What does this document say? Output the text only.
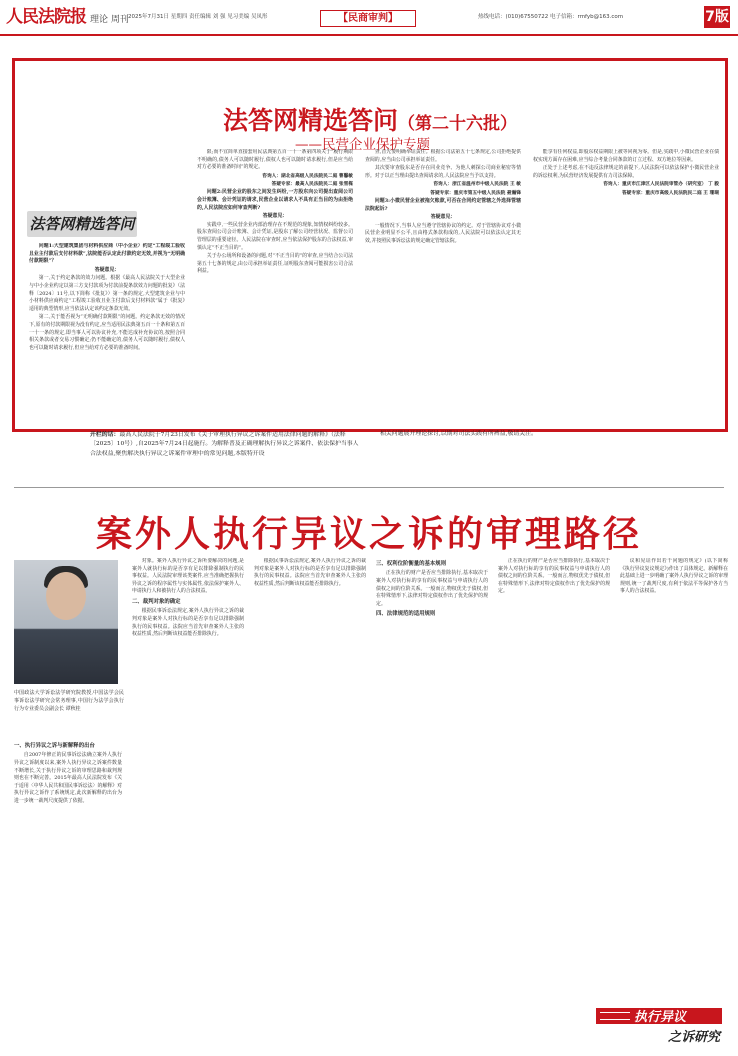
人民法院报 理论 周刊 2025年7月31日 星期四 责任编辑 刘 强 见习美编 吴凤彤	【民商审判】	热线电话：(010)67550722 电子信箱：rmfyb@163.com	7版
法答网精选答问（第二十六批）
——民营企业保护专题
法答网精选答问

问题1:大型建筑集团与材料供应商（中小企业）约定“工程竣工验收且业主付款后支付材料款”,法院能否认定此付款约定无效,并视为“无明确付款期限”？

答疑意见：

第一,关于约定条款的效力问题。根据《最高人民法院关于大型企业与中小企业约定以第三方支付款项为付款前提条款效力问题的批复》（法释〔2024〕11号,以下简称《批复》）第一条的规定,大型建筑企业与中小材料供应商约定“工程竣工验收且业主付款后支付材料款”属于《批复》适用的典型情形,应当依法认定该约定条款无效。

第二,关于能否视为“无明确付款期限”的问题。约定条款无效的情况下,原有的付款期限视为没有约定,应当适用民法典第五百一十条和第五百一十一条的规定,即当事人可以协议补充,不能达成补充协议的,按照合同相关条款或者交易习惯确定;仍不能确定的,债务人可以随时履行,债权人也可以随时请求履行,但应当给对方必要的准备时间。

限;而不宜简单直接套用民法典第五百一十一条第四项关于“履行期限不明确的,债务人可以随时履行,债权人也可以随时请求履行,但是应当给对方必要的准备时间”的规定。

咨询人：湖北省高级人民法院民二庭 曹馨敏

答疑专家：最高人民法院民二庭 张雪楳

问题2:民营企业的股东之间发生纠纷,一方股东向公司提出查阅公司会计账簿、会计凭证的请求,民营企业以请求人不具有正当目的为由拒绝的,人民法院应如何审查判断?

答疑意见：

实践中,一些民营企业内部治理存在不规范的现象,知情权纠纷较多。股东查阅公司会计账簿、会计凭证,是股东了解公司经营状况、监督公司管理层的重要途径。人民法院在审查时,应当依法保护股东的合法权益,审慎认定“不正当目的”。

关于办公场所和设备的问题,对“不正当目的”的审查,应当结合公司法第五十七条的规定,由公司承担举证责任,证明股东查阅可能损害公司合法利益。

查,首先要明确举证责任。根据公司法第五十七条规定,公司拒绝提供查阅的,应当由公司承担举证责任。

其次要审查股东是否存在同业竞争、为他人刺探公司商业秘密等情形。对于以正当理由提出查阅请求的,人民法院应当予以支持。

咨询人：浙江省温州市中级人民法院 王 敏

答疑专家：重庆市第五中级人民法院 聂瀚锋

问题3:小微民营企业被拖欠账款,可否在合同约定管辖之外选择管辖法院起诉?

答疑意见：

一般情况下,当事人应当遵守管辖协议的约定。对于管辖协议对小微民营企业明显不公平,且由格式条款构成的,人民法院可以依法认定其无效,并按照民事诉讼法的规定确定管辖法院。

能享有任何权益,即股东权益期限上被等同视为零。但是,实践中,小微民营企业在债权实现方面存在困难,应当综合考量合同条款的订立过程、双方地位等因素。

正处于上述考虑,在不违反法律规定的前提下,人民法院可以依法保护小微民营企业的诉讼权利,为民营经济发展提供有力司法保障。

咨询人：重庆市江津区人民法院审管办（研究室） 丁 毅

答疑专家：重庆市高级人民法院民二庭 王 珊瑚

开栏的话：最高人民法院于7月23日发布《关于审理执行异议之诉案件适用法律问题的解释》（法释〔2025〕10号）,自2025年7月24日起施行。为解释普及正确理解执行异议之诉案件、依法保护当事人合法权益,聚焦解决执行异议之诉案件审理中的常见问题,本版特开设
相关问题展开理论探讨,以期对司法实践有所裨益,敬请关注。
案外人执行异议之诉的审理路径
中国政法大学诉讼法学研究院教授,中国法学会民事诉讼法学研究会常务理事,中国行为法学会执行行为专业委员会副会长 谭秋桂

一、执行异议之诉与新解释的出台

自2007年修正的民事诉讼法确立案外人执行异议之诉制度以来,案外人执行异议之诉案件数量不断增长,关于执行异议之诉的审理思路和裁判规则也在不断完善。2015年最高人民法院发布《关于适用〈中华人民共和国民事诉讼法〉的解释》对执行异议之诉作了系统规定,此次新解释的出台为进一步统一裁判尺度提供了依据。

对象。案外人执行异议之诉所要解决的问题,是案外人就执行标的是否享有足以排除强制执行的民事权益。人民法院审理该类案件,应当准确把握执行异议之诉的程序属性与实体属性,依法保护案外人、申请执行人和被执行人的合法权益。

二、裁判对象的确定

根据民事诉讼法规定,案外人执行异议之诉的裁判对象是案外人对执行标的是否享有足以排除强制执行的民事权益。法院应当首先审查案外人主张的权益性质,然后判断该权益能否排除执行。

根据民事诉讼法规定,案外人执行异议之诉的裁判对象是案外人对执行标的是否享有足以排除强制执行的民事权益。法院应当首先审查案外人主张的权益性质,然后判断该权益能否排除执行。

三、权利位阶衡量的基本规则

正在执行的财产是否应当排除执行,基本取决于案外人对执行标的享有的民事权益与申请执行人的债权之间的位阶关系。一般而言,物权优先于债权,但在特殊情形下,法律对特定债权作出了优先保护的规定。

四、法律规范的适用规则

正在执行的财产是否应当排除执行,基本取决于案外人对执行标的享有的民事权益与申请执行人的债权之间的位阶关系。一般而言,物权优先于债权,但在特殊情形下,法律对特定债权作出了优先保护的规定。

议和见证作出若干问题的规定》(以下简称《执行异议复议规定》)作出了具体规定。新解释在此基础上进一步明确了案外人执行异议之诉的审理规则,统一了裁判尺度,有利于依法平等保护各方当事人的合法权益。

执行异议
之诉研究
